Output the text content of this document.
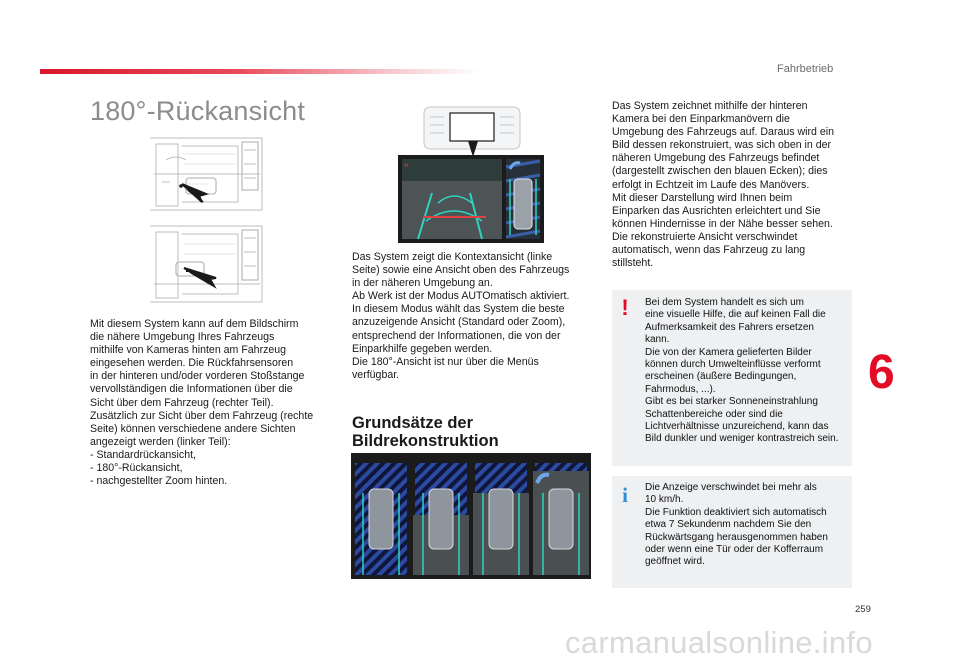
Fahrbetrieb
180°-Rückansicht
Mit diesem System kann auf dem Bildschirm
die nähere Umgebung Ihres Fahrzeugs
mithilfe von Kameras hinten am Fahrzeug
eingesehen werden. Die Rückfahrsensoren
in der hinteren und/oder vorderen Stoßstange
vervollständigen die Informationen über die
Sicht über dem Fahrzeug (rechter Teil).
Zusätzlich zur Sicht über dem Fahrzeug (rechte
Seite) können verschiedene andere Sichten
angezeigt werden (linker Teil):
- Standardrückansicht,
- 180°-Rückansicht,
- nachgestellter Zoom hinten.
×
Das System zeigt die Kontextansicht (linke
Seite) sowie eine Ansicht oben des Fahrzeugs
in der näheren Umgebung an.
Ab Werk ist der Modus AUTOmatisch aktiviert.
In diesem Modus wählt das System die beste
anzuzeigende Ansicht (Standard oder Zoom),
entsprechend der Informationen, die von der
Einparkhilfe gegeben werden.
Die 180°-Ansicht ist nur über die Menüs
verfügbar.
Grundsätze der
Bildrekonstruktion
Das System zeichnet mithilfe der hinteren
Kamera bei den Einparkmanövern die
Umgebung des Fahrzeugs auf. Daraus wird ein
Bild dessen rekonstruiert, was sich oben in der
näheren Umgebung des Fahrzeugs befindet
(dargestellt zwischen den blauen Ecken); dies
erfolgt in Echtzeit im Laufe des Manövers.
Mit dieser Darstellung wird Ihnen beim
Einparken das Ausrichten erleichtert und Sie
können Hindernisse in der Nähe besser sehen.
Die rekonstruierte Ansicht verschwindet
automatisch, wenn das Fahrzeug zu lang
stillsteht.
!	Bei dem System handelt es sich um
eine visuelle Hilfe, die auf keinen Fall die
Aufmerksamkeit des Fahrers ersetzen
kann.
Die von der Kamera gelieferten Bilder
können durch Umwelteinflüsse verformt
erscheinen (äußere Bedingungen,
Fahrmodus, ...).
Gibt es bei starker Sonneneinstrahlung
Schattenbereiche oder sind die
Lichtverhältnisse unzureichend, kann das
Bild dunkler und weniger kontrastreich sein.
i	Die Anzeige verschwindet bei mehr als
10 km/h.
Die Funktion deaktiviert sich automatisch
etwa 7 Sekundenm nachdem Sie den
Rückwärtsgang herausgenommen haben
oder wenn eine Tür oder der Kofferraum
geöffnet wird.
6
259
carmanualsonline.info
